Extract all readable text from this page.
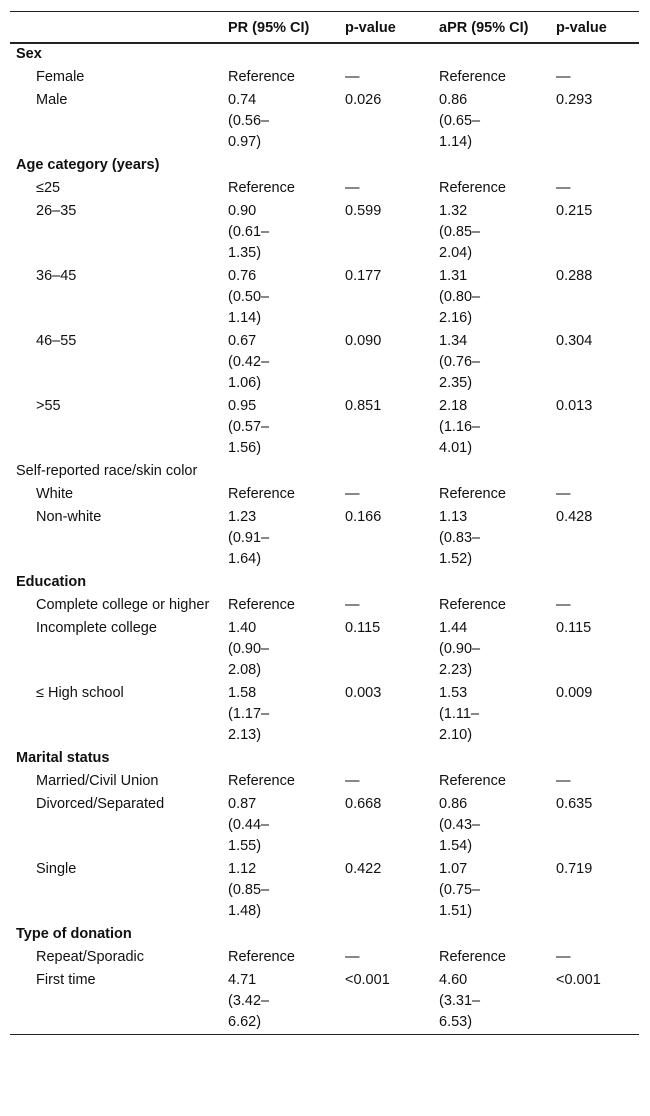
	PR (95% CI)	p-value	aPR (95% CI)	p-value
Sex				
Female	Reference	—	Reference	—
Male	0.74 (0.56–0.97)	0.026	0.86 (0.65–1.14)	0.293
Age category (years)				
≤25	Reference	—	Reference	—
26–35	0.90 (0.61–1.35)	0.599	1.32 (0.85–2.04)	0.215
36–45	0.76 (0.50–1.14)	0.177	1.31 (0.80–2.16)	0.288
46–55	0.67 (0.42–1.06)	0.090	1.34 (0.76–2.35)	0.304
>55	0.95 (0.57–1.56)	0.851	2.18 (1.16–4.01)	0.013
Self-reported race/skin color				
White	Reference	—	Reference	—
Non-white	1.23 (0.91–1.64)	0.166	1.13 (0.83–1.52)	0.428
Education				
Complete college or higher	Reference	—	Reference	—
Incomplete college	1.40 (0.90–2.08)	0.115	1.44 (0.90–2.23)	0.115
≤ High school	1.58 (1.17–2.13)	0.003	1.53 (1.11–2.10)	0.009
Marital status				
Married/Civil Union	Reference	—	Reference	—
Divorced/Separated	0.87 (0.44–1.55)	0.668	0.86 (0.43–1.54)	0.635
Single	1.12 (0.85–1.48)	0.422	1.07 (0.75–1.51)	0.719
Type of donation				
Repeat/Sporadic	Reference	—	Reference	—
First time	4.71 (3.42–6.62)	<0.001	4.60 (3.31–6.53)	<0.001
